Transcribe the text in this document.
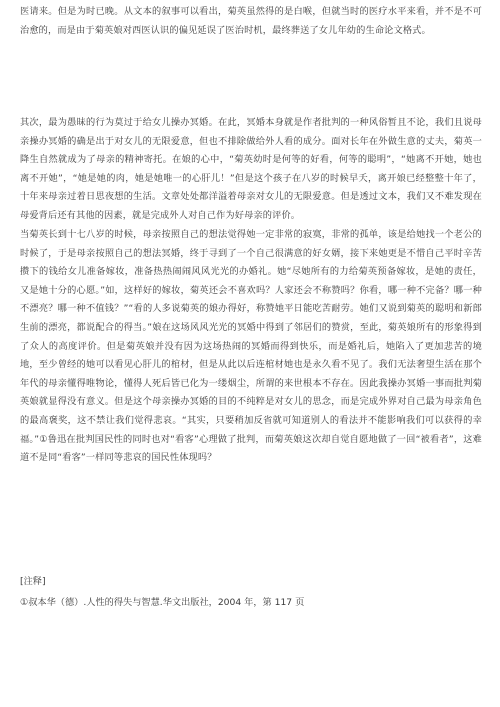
医请来。但是为时已晚。从文本的叙事可以看出，菊英虽然得的是白喉，但就当时的医疗水平来看，并不是不可治愈的，而是由于菊英娘对西医认识的偏见延误了医治时机，最终葬送了女儿年幼的生命论文格式。

其次，最为愚昧的行为莫过于给女儿操办冥婚。在此，冥婚本身就是作者批判的一种风俗暂且不论，我们且说母亲操办冥婚的确是出于对女儿的无限爱意，但也不排除做给外人看的成分。面对长年在外做生意的丈夫，菊英一降生自然就成为了母亲的精神寄托。在娘的心中，“菊英幼时是何等的好看，何等的聪明”，“她离不开她，她也离不开她”，“她是她的肉，她是她唯一的心肝儿！”但是这个孩子在八岁的时候早夭，离开娘已经整整十年了，十年来母亲过着日思夜想的生活。文章处处都洋溢着母亲对女儿的无限爱意。但是透过文本，我们又不难发现在母爱背后还有其他的因素，就是完成外人对自己作为好母亲的评价。

当菊英长到十七八岁的时候，母亲按照自己的想法觉得她一定非常的寂寞，非常的孤单，该是给她找一个老公的时候了，于是母亲按照自己的想法冥婚，终于寻到了一个自己很满意的好女婿，接下来她更是不惜自己平时辛苦攒下的钱给女儿准备嫁妆，准备热热闹闹风风光光的办婚礼。她“尽她所有的力给菊英预备嫁妆，是她的责任，又是她十分的心愿。”如，这样好的嫁妆，菊英还会不喜欢吗？人家还会不称赞吗？你看，哪一种不完备？哪一种不漂亮？哪一种不值钱？”“看的人多说菊英的娘办得好，称赞她平日能吃苦耐劳。她们又说到菊英的聪明和新郎生前的漂亮，都说配合的得当。”娘在这场风风光光的冥婚中得到了邻居们的赞赏，至此，菊英娘所有的形象得到了众人的高度评价。但是菊英娘并没有因为这场热闹的冥婚而得到快乐，而是婚礼后，她陷入了更加悲苦的境地，至少曾经的她可以看见心肝儿的棺材，但是从此以后连棺材她也是永久看不见了。我们无法奢望生活在那个年代的母亲懂得唯物论，懂得人死后皆已化为一缕烟尘，所谓的来世根本不存在。因此我操办冥婚一事而批判菊英娘就显得没有意义。但是这个母亲操办冥婚的目的不纯粹是对女儿的思念，而是完成外界对自己最为母亲角色的最高褒奖，这不禁让我们觉得悲哀。“其实，只要稍加反省就可知道别人的看法并不能影响我们可以获得的幸福。”①鲁迅在批判国民性的同时也对“看客”心理做了批判，而菊英娘这次却自觉自愿地做了一回“被看者”，这难道不是同“看客”一样同等悲哀的国民性体现吗？

[注释]

①叔本华（德）.人性的得失与智慧.华文出版社，2004 年，第 117 页
